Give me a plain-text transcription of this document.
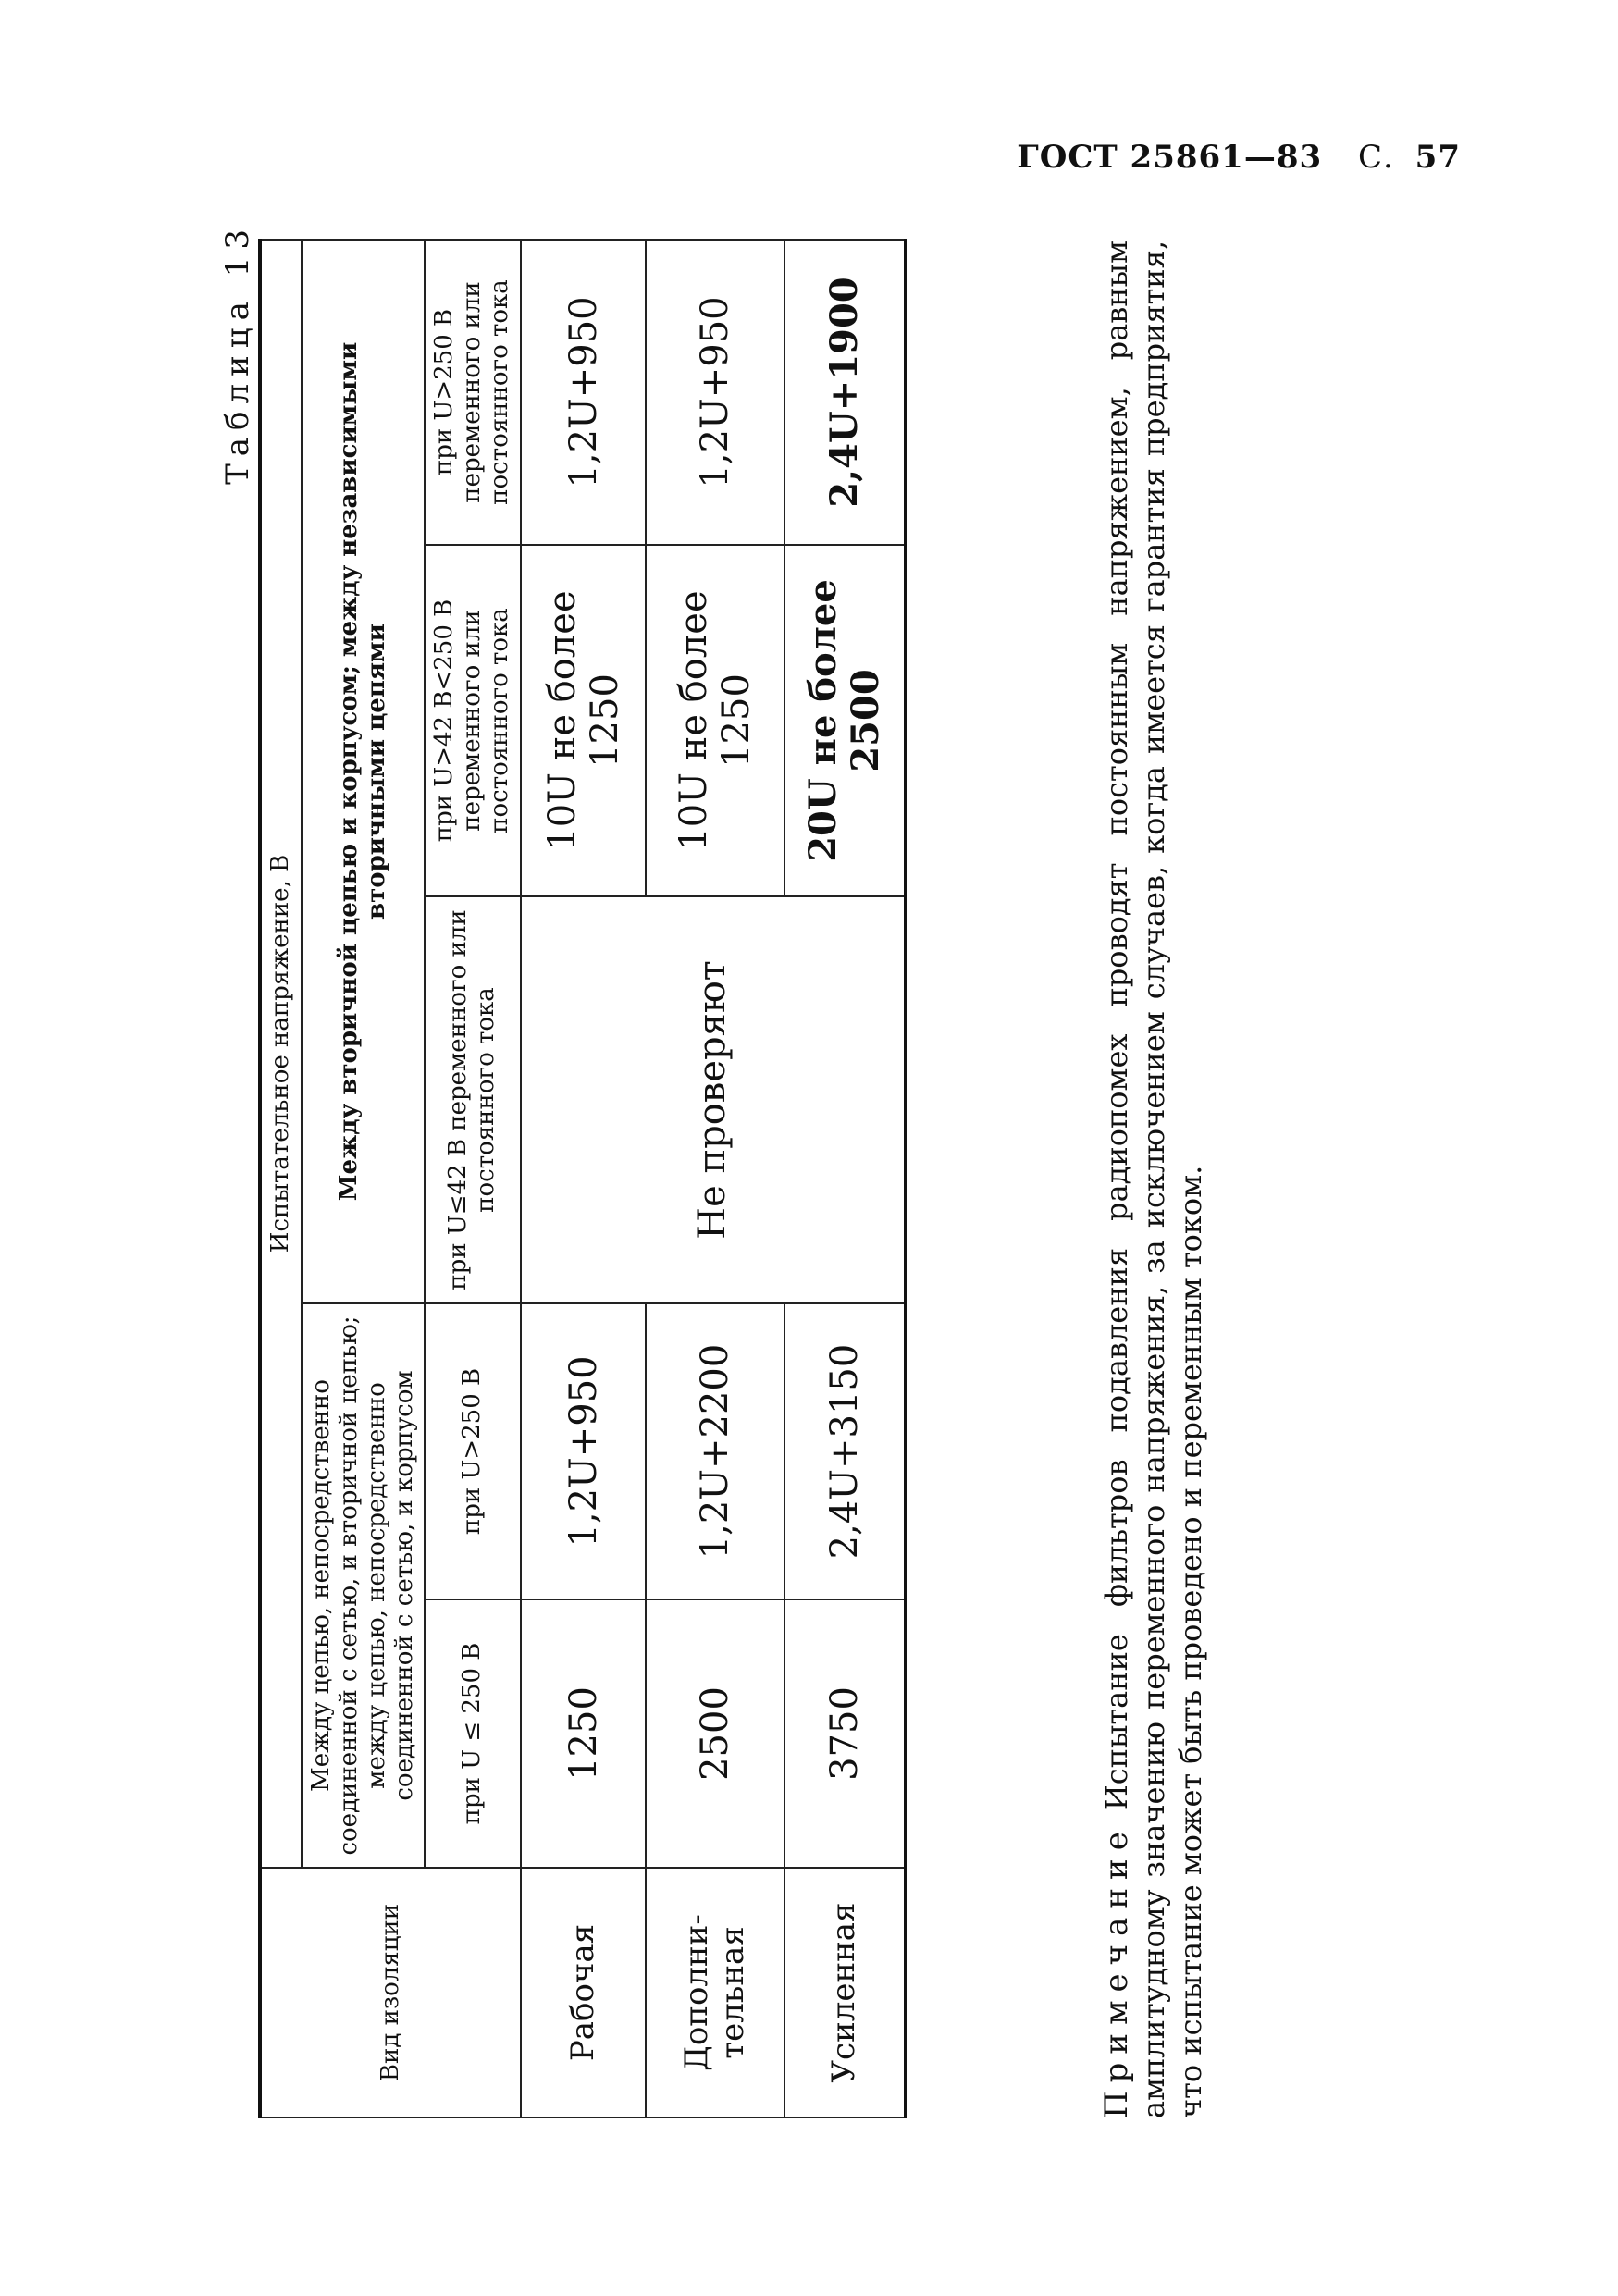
ГОСТ 25861—83 С. 57
Таблица 13
Вид изоляции	Испытательное напряжение, В				
	Между цепью, непосредственно соединенной с сетью, и вторичной цепью; между цепью, непосредственно соединенной с сетью, и корпусом		Между вторичной цепью и корпусом; между независимыми вторичными цепями		
	при U ≤ 250 В	при U>250 В	при U≤42 В переменного или постоянного тока	при U>42 В<250 В переменного или постоянного тока	при U>250 В переменного или постоянного тока
Рабочая	1250	1,2U+950	Не проверяют	10U не более 1250	1,2U+950
Дополни-тельная	2500	1,2U+2200		10U не более 1250	1,2U+950
Усиленная	3750	2,4U+3150		20U не более 2500	2,4U+1900

ПримечаниеИспытание фильтров подавления радиопомех проводят постоянным напряжением, равным амплитудному значению переменного напряжения, за исключением случаев, когда имеется гарантия предприятия, что испытание может быть проведено и переменным током.
